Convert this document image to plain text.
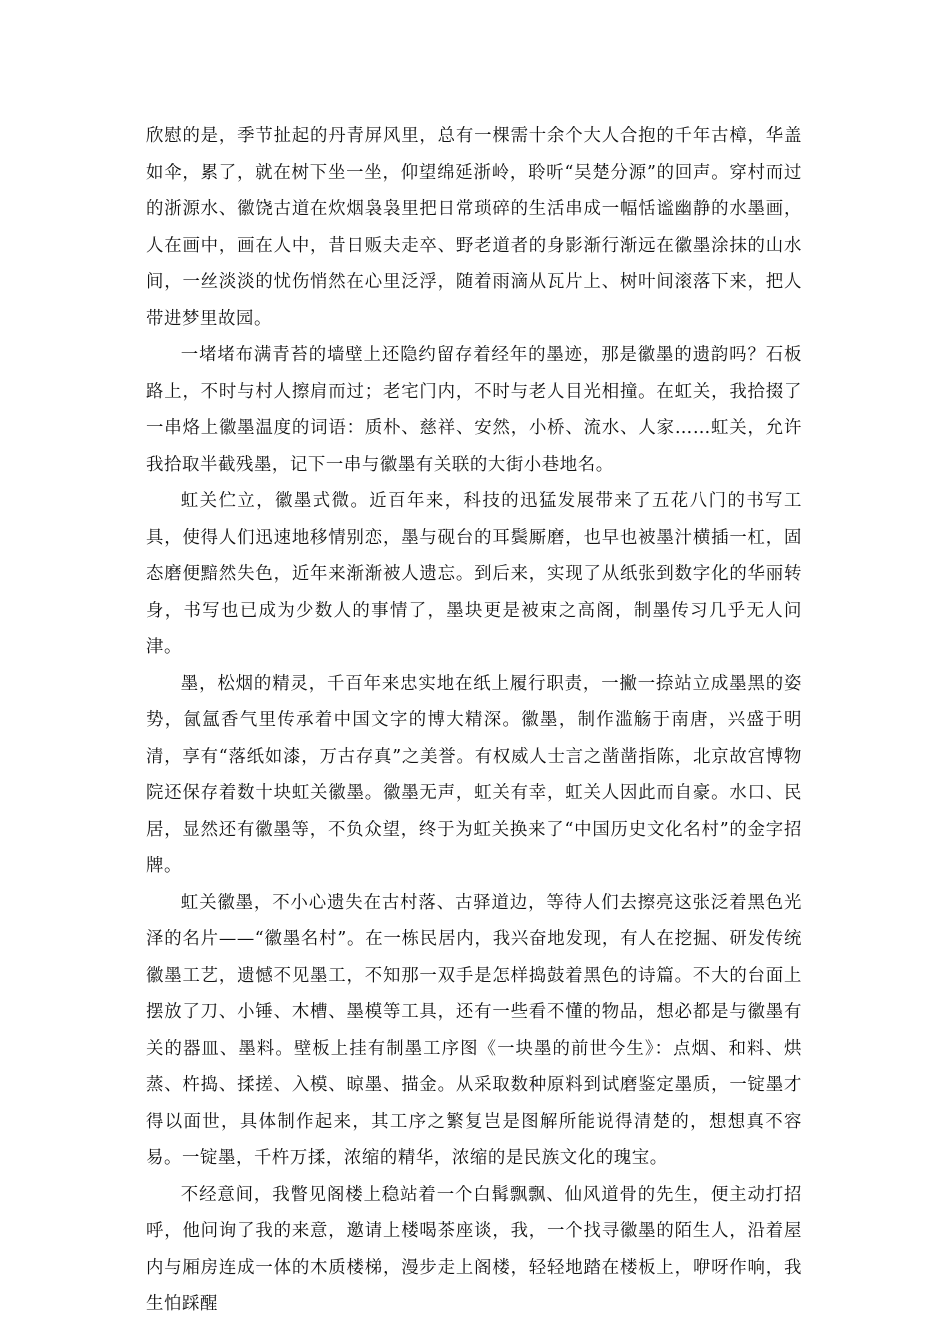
欣慰的是，季节扯起的丹青屏风里，总有一棵需十余个大人合抱的千年古樟，华盖如伞，累了，就在树下坐一坐，仰望绵延浙岭，聆听“吴楚分源”的回声。穿村而过的浙源水、徽饶古道在炊烟袅袅里把日常琐碎的生活串成一幅恬谧幽静的水墨画，人在画中，画在人中，昔日贩夫走卒、野老道者的身影渐行渐远在徽墨涂抹的山水间，一丝淡淡的忧伤悄然在心里泛浮，随着雨滴从瓦片上、树叶间滚落下来，把人带进梦里故园。

一堵堵布满青苔的墙壁上还隐约留存着经年的墨迹，那是徽墨的遗韵吗？石板路上，不时与村人擦肩而过；老宅门内，不时与老人目光相撞。在虹关，我拾掇了一串烙上徽墨温度的词语：质朴、慈祥、安然，小桥、流水、人家……虹关，允许我拾取半截残墨，记下一串与徽墨有关联的大街小巷地名。

虹关伫立，徽墨式微。近百年来，科技的迅猛发展带来了五花八门的书写工具，使得人们迅速地移情别恋，墨与砚台的耳鬓厮磨，也早也被墨汁横插一杠，固态磨便黯然失色，近年来渐渐被人遗忘。到后来，实现了从纸张到数字化的华丽转身，书写也已成为少数人的事情了，墨块更是被束之高阁，制墨传习几乎无人问津。

墨，松烟的精灵，千百年来忠实地在纸上履行职责，一撇一捺站立成墨黑的姿势，氤氲香气里传承着中国文字的博大精深。徽墨，制作滥觞于南唐，兴盛于明清，享有“落纸如漆，万古存真”之美誉。有权威人士言之凿凿指陈，北京故宫博物院还保存着数十块虹关徽墨。徽墨无声，虹关有幸，虹关人因此而自豪。水口、民居，显然还有徽墨等，不负众望，终于为虹关换来了“中国历史文化名村”的金字招牌。

虹关徽墨，不小心遗失在古村落、古驿道边，等待人们去擦亮这张泛着黑色光泽的名片——“徽墨名村”。在一栋民居内，我兴奋地发现，有人在挖掘、研发传统徽墨工艺，遗憾不见墨工，不知那一双手是怎样捣鼓着黑色的诗篇。不大的台面上摆放了刀、小锤、木槽、墨模等工具，还有一些看不懂的物品，想必都是与徽墨有关的器皿、墨料。壁板上挂有制墨工序图《一块墨的前世今生》：点烟、和料、烘蒸、杵捣、揉搓、入模、晾墨、描金。从采取数种原料到试磨鉴定墨质，一锭墨才得以面世，具体制作起来，其工序之繁复岂是图解所能说得清楚的，想想真不容易。一锭墨，千杵万揉，浓缩的精华，浓缩的是民族文化的瑰宝。

不经意间，我瞥见阁楼上稳站着一个白髯飘飘、仙风道骨的先生，便主动打招呼，他问询了我的来意，邀请上楼喝茶座谈，我，一个找寻徽墨的陌生人，沿着屋内与厢房连成一体的木质楼梯，漫步走上阁楼，轻轻地踏在楼板上，咿呀作响，我生怕踩醒
